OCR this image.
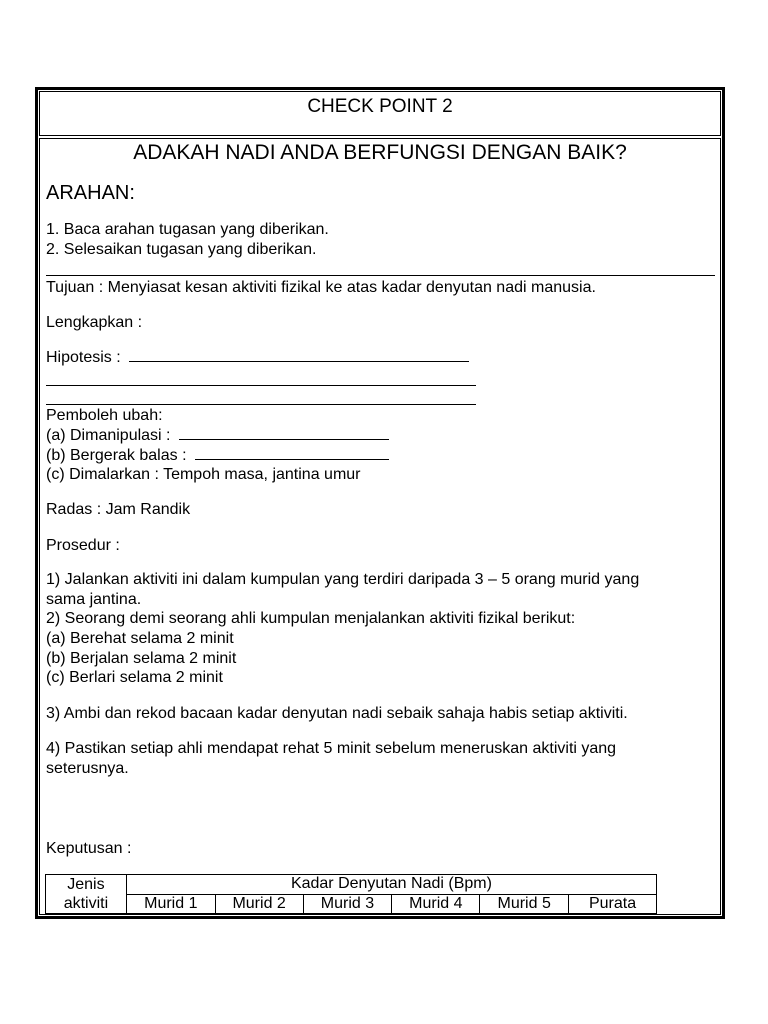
CHECK POINT 2
ADAKAH NADI ANDA BERFUNGSI DENGAN BAIK?
ARAHAN:
1. Baca arahan tugasan yang diberikan.
2. Selesaikan tugasan yang diberikan.
Tujuan : Menyiasat kesan aktiviti fizikal ke atas kadar denyutan nadi manusia.
Lengkapkan :
Hipotesis :
Pemboleh ubah:
(a) Dimanipulasi :
(b) Bergerak balas :
(c) Dimalarkan : Tempoh masa, jantina umur
Radas : Jam Randik
Prosedur :
1) Jalankan aktiviti ini dalam kumpulan yang terdiri daripada 3 – 5 orang murid yang
sama jantina.
2) Seorang demi seorang ahli kumpulan menjalankan aktiviti fizikal berikut:
(a) Berehat selama 2 minit
(b) Berjalan selama 2 minit
(c) Berlari selama 2 minit
3) Ambi dan rekod bacaan kadar denyutan nadi sebaik sahaja habis setiap aktiviti.
4) Pastikan setiap ahli mendapat rehat 5 minit sebelum meneruskan aktiviti yang
seterusnya.
Keputusan :
Jenis
aktiviti	Kadar Denyutan Nadi (Bpm)					
	Murid 1	Murid 2	Murid 3	Murid 4	Murid 5	Purata
